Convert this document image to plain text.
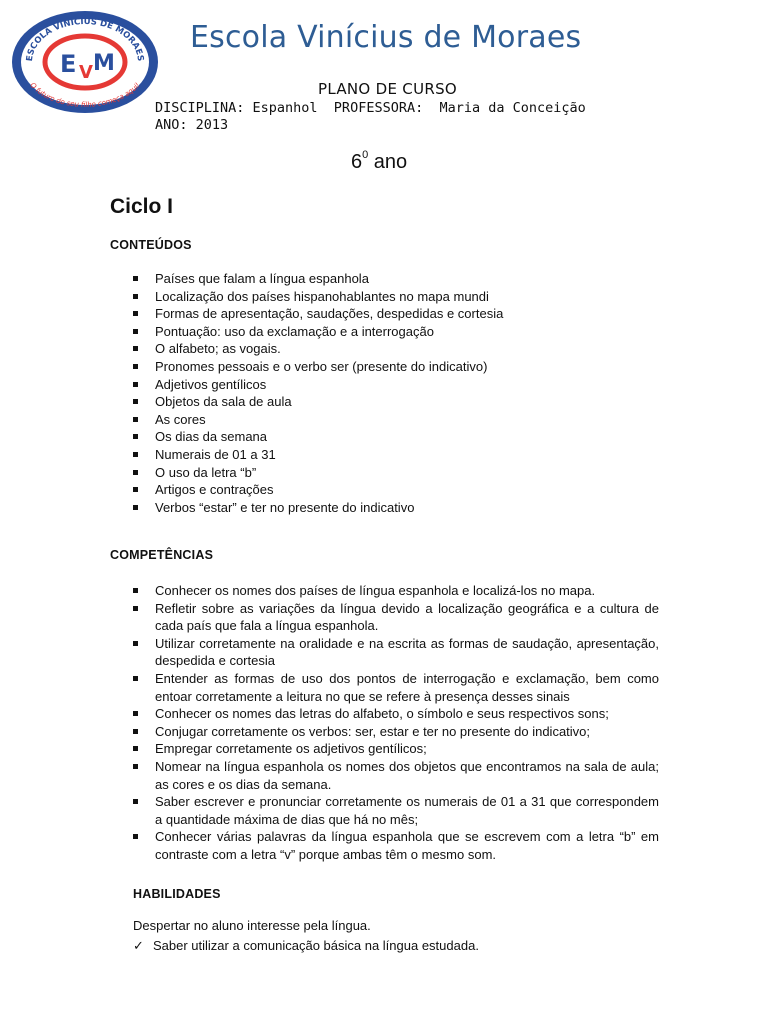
ESCOLA VINÍCIUS DE MORAES
O futuro do seu filho começa aqui!
E V M
Escola Vinícius de Moraes
PLANO DE CURSO
DISCIPLINA: Espanhol  PROFESSORA:  Maria da Conceição
ANO: 2013
$6^0$ ano
Ciclo I
CONTEÚDOS
Países que falam a língua espanhola
Localização dos países hispanohablantes no mapa mundi
Formas de apresentação, saudações, despedidas e cortesia
Pontuação: uso da exclamação e a interrogação
O alfabeto; as vogais.
Pronomes pessoais e o verbo ser (presente do indicativo)
Adjetivos gentílicos
Objetos da sala de aula
As cores
Os dias da semana
Numerais de 01 a 31
O uso da letra “b”
Artigos e contrações
Verbos “estar” e ter no presente do indicativo
COMPETÊNCIAS
Conhecer os nomes dos países de língua espanhola e localizá-los no mapa.
Refletir sobre as variações da língua devido a localização geográfica e a cultura de cada país que fala a língua espanhola.
Utilizar corretamente na oralidade e na escrita as formas de saudação, apresentação, despedida e cortesia
Entender as formas de uso dos pontos de interrogação e exclamação, bem como entoar corretamente a leitura no que se refere à presença desses sinais
Conhecer os nomes das letras do alfabeto, o símbolo e seus respectivos sons;
Conjugar corretamente os verbos: ser, estar e ter no presente do indicativo;
Empregar corretamente os adjetivos gentílicos;
Nomear na língua espanhola os nomes dos objetos que encontramos na sala de aula; as cores e os dias da semana.
Saber escrever e pronunciar corretamente os numerais de 01 a 31 que correspondem a quantidade máxima de dias que há no mês;
Conhecer várias palavras da língua espanhola que se escrevem com a letra “b” em contraste com a letra “v” porque ambas têm o mesmo som.
HABILIDADES
Despertar no aluno interesse pela língua.
✓ Saber utilizar a comunicação básica na língua estudada.
